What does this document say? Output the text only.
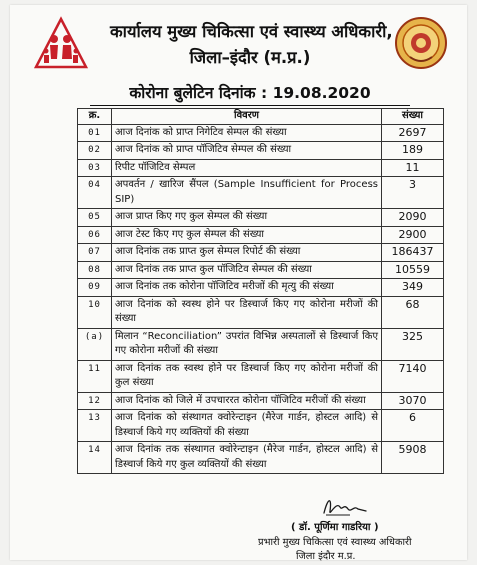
कार्यालय मुख्य चिकित्सा एवं स्वास्थ्य अधिकारी,
जिला–इंदौर (म.प्र.)
कोरोना बुलेटिन दिनांक : 19.08.2020
क्र.	विवरण	संख्या
01	आज दिनांक को प्राप्त निगेटिव सेम्पल की संख्या	2697
02	आज दिनांक को प्राप्त पॉजिटिव सेम्पल की संख्या	189
03	रिपीट पॉजिटिव सेम्पल	11
04	अपवर्तन / खारिज सैंपल (Sample Insufficient for Process SIP)	3
05	आज प्राप्त किए गए कुल सेम्पल की संख्या	2090
06	आज टेस्ट किए गए कुल सेम्पल की संख्या	2900
07	आज दिनांक तक प्राप्त कुल सेम्पल रिपोर्ट की संख्या	186437
08	आज दिनांक तक प्राप्त कुल पॉजिटिव सेम्पल की संख्या	10559
09	आज दिनांक तक कोरोना पॉजिटिव मरीजों की मृत्यु की संख्या	349
10	आज दिनांक को स्वस्थ होने पर डिस्चार्ज किए गए कोरोना मरीजों की संख्या	68
(a)	मिलान “Reconciliation” उपरांत विभिन्न अस्पतालों से डिस्चार्ज किए गए कोरोना मरीजों की संख्या	325
11	आज दिनांक तक स्वस्थ होने पर डिस्चार्ज किए गए कोरोना मरीजों की कुल संख्या	7140
12	आज दिनांक को जिले में उपचाररत कोरोना पॉजिटिव मरीजों की संख्या	3070
13	आज दिनांक को संस्थागत क्वोरेन्टाइन (मैरेज गार्डन, होस्टल आदि) से डिस्चार्ज किये गए व्यक्तियों की संख्या	6
14	आज दिनांक तक संस्थागत क्वोरेन्टाइन (मैरेज गार्डन, होस्टल आदि) से डिस्चार्ज किये गए कुल व्यक्तियों की संख्या	5908
( डॉ. पूर्णिमा गाडरिया )
प्रभारी मुख्य चिकित्सा एवं स्वास्थ्य अधिकारी
जिला इंदौर म.प्र.
